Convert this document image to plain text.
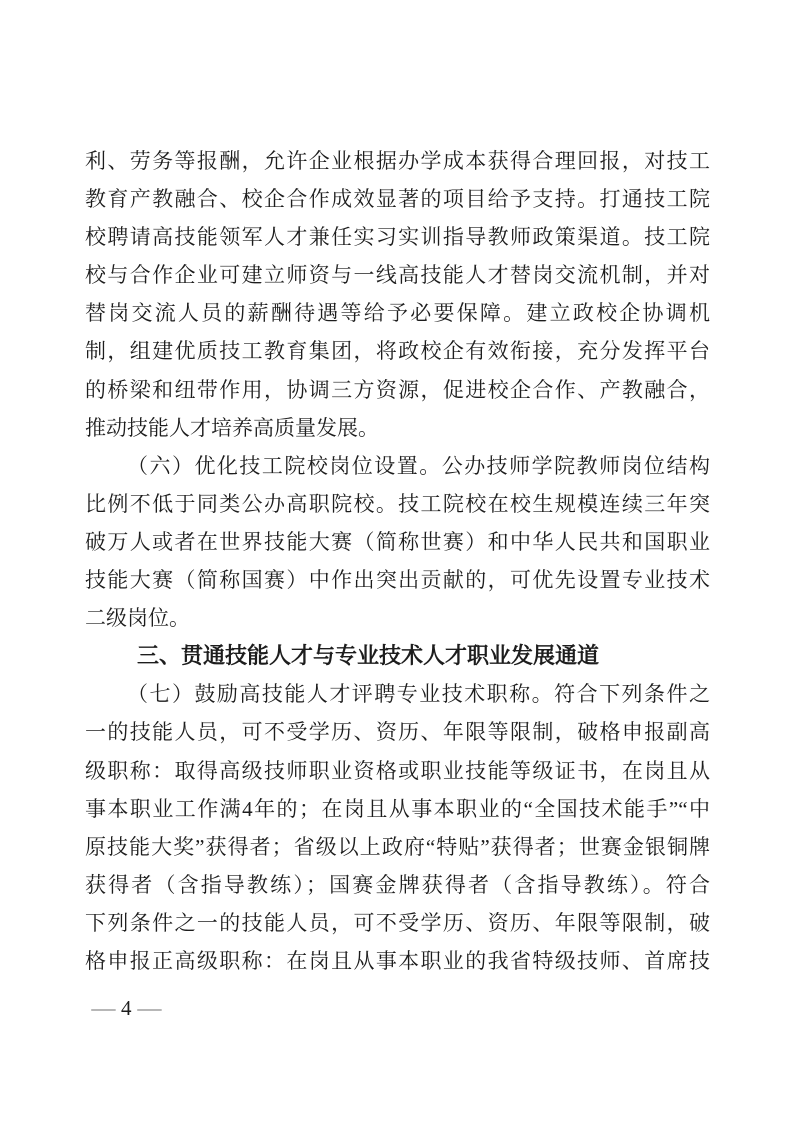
利、劳务等报酬，允许企业根据办学成本获得合理回报，对技工
教育产教融合、校企合作成效显著的项目给予支持。打通技工院
校聘请高技能领军人才兼任实习实训指导教师政策渠道。技工院
校与合作企业可建立师资与一线高技能人才替岗交流机制，并对
替岗交流人员的薪酬待遇等给予必要保障。建立政校企协调机
制，组建优质技工教育集团，将政校企有效衔接，充分发挥平台
的桥梁和纽带作用，协调三方资源，促进校企合作、产教融合，
推动技能人才培养高质量发展。
（六）优化技工院校岗位设置。公办技师学院教师岗位结构
比例不低于同类公办高职院校。技工院校在校生规模连续三年突
破万人或者在世界技能大赛（简称世赛）和中华人民共和国职业
技能大赛（简称国赛）中作出突出贡献的，可优先设置专业技术
二级岗位。
三、贯通技能人才与专业技术人才职业发展通道
（七）鼓励高技能人才评聘专业技术职称。符合下列条件之
一的技能人员，可不受学历、资历、年限等限制，破格申报副高
级职称：取得高级技师职业资格或职业技能等级证书，在岗且从
事本职业工作满4年的；在岗且从事本职业的“全国技术能手”“中
原技能大奖”获得者；省级以上政府“特贴”获得者；世赛金银铜牌
获得者（含指导教练）；国赛金牌获得者（含指导教练）。符合
下列条件之一的技能人员，可不受学历、资历、年限等限制，破
格申报正高级职称：在岗且从事本职业的我省特级技师、首席技
— 4 —
